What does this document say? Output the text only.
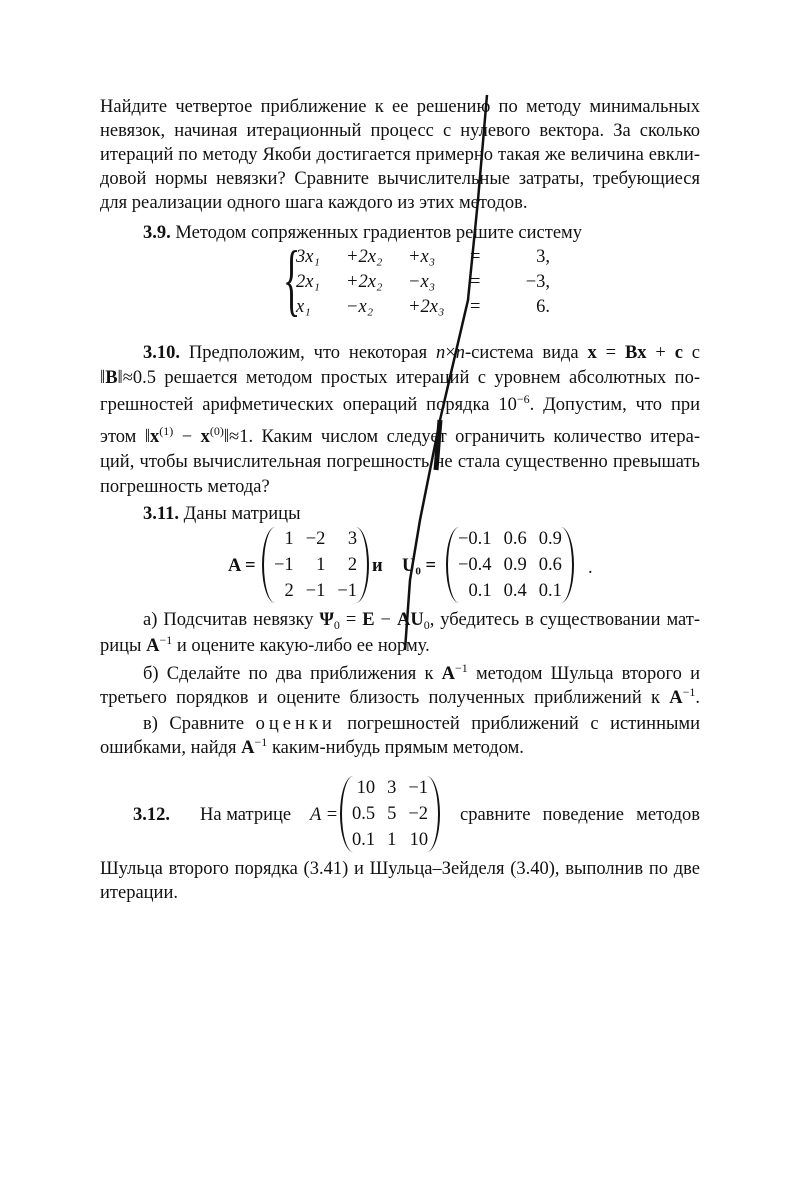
Найдите четвертое приближение к ее решению по методу минимальных
невязок, начиная итерационный процесс с нулевого вектора. За сколько
итераций по методу Якоби достигается примерно такая же величина евкли-
довой нормы невязки? Сравните вычислительные затраты, требующиеся
для реализации одного шага каждого из этих методов.
3.9. Методом сопряженных градиентов решите систему
{
3x₁	+2x₂	+x₃	=	3,
2x₁	+2x₂	−x₃	=	−3,
x₁	−x₂	+2x₃	=	6.
3.10. Предположим, что некоторая n×n-система вида x = Bx + c с
‖B‖≈0.5 решается методом простых итераций с уровнем абсолютных по-
грешностей арифметических операций порядка $10^{-6}$. Допустим, что при
этом $‖x^{(1)}$ − $x^{(0)}‖\approx 1$. Каким числом следует ограничить количество итера-
ций, чтобы вычислительная погрешность не стала существенно превышать
погрешность метода?
3.11. Даны матрицы
A =
1 −2	3
−1	1	2
2 −1 −1
и U₀ =
−0.1 0.6 0.9
−0.4 0.9 0.6
0.1 0.4 0.1
.
а) Подсчитав невязку $\Psi_0 = E - AU_0$, убедитесь в существовании мат-
рицы $A^{-1}$ и оцените какую-либо ее норму.
б) Сделайте по два приближения к $A^{-1}$ методом Шульца второго и
третьего порядков и оцените близость полученных приближений к $A^{-1}$.
в) Сравните оценки погрешностей приближений с истинными
ошибками, найдя $A^{-1}$ каким-нибудь прямым методом.
3.12. На матрице A =
10 3 −1
0.5 5 −2
0.1 1 10
сравните поведение методов
Шульца второго порядка (3.41) и Шульца–Зейделя (3.40), выполнив по две
итерации.
